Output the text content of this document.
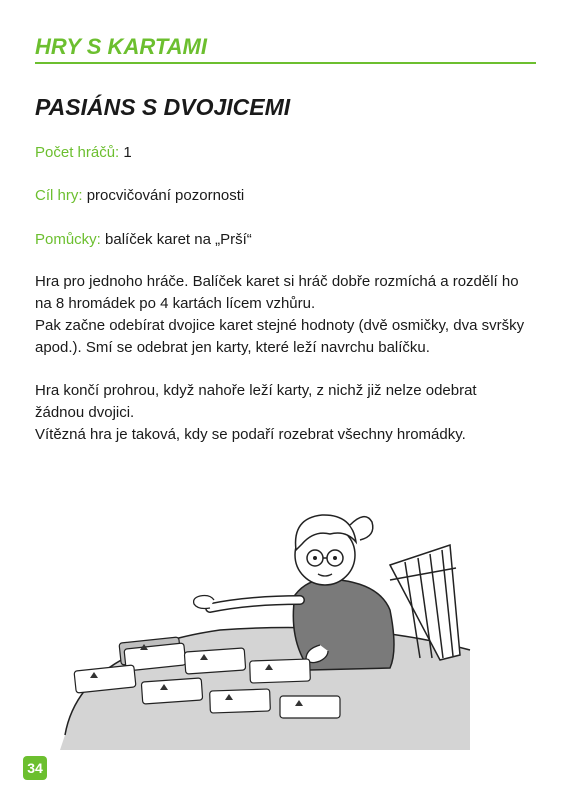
HRY S KARTAMI
PASIÁNS S DVOJICEMI

Počet hráčů: 1

Cíl hry: procvičování pozornosti

Pomůcky: balíček karet na „Prší“

Hra pro jednoho hráče. Balíček karet si hráč dobře rozmíchá a rozdělí ho
na 8 hromádek po 4 kartách lícem vzhůru.
Pak začne odebírat dvojice karet stejné hodnoty (dvě osmičky, dva svršky
apod.). Smí se odebrat jen karty, které leží navrchu balíčku.

Hra končí prohrou, když nahoře leží karty, z nichž již nelze odebrat
žádnou dvojici.
Vítězná hra je taková, kdy se podaří rozebrat všechny hromádky.

34
